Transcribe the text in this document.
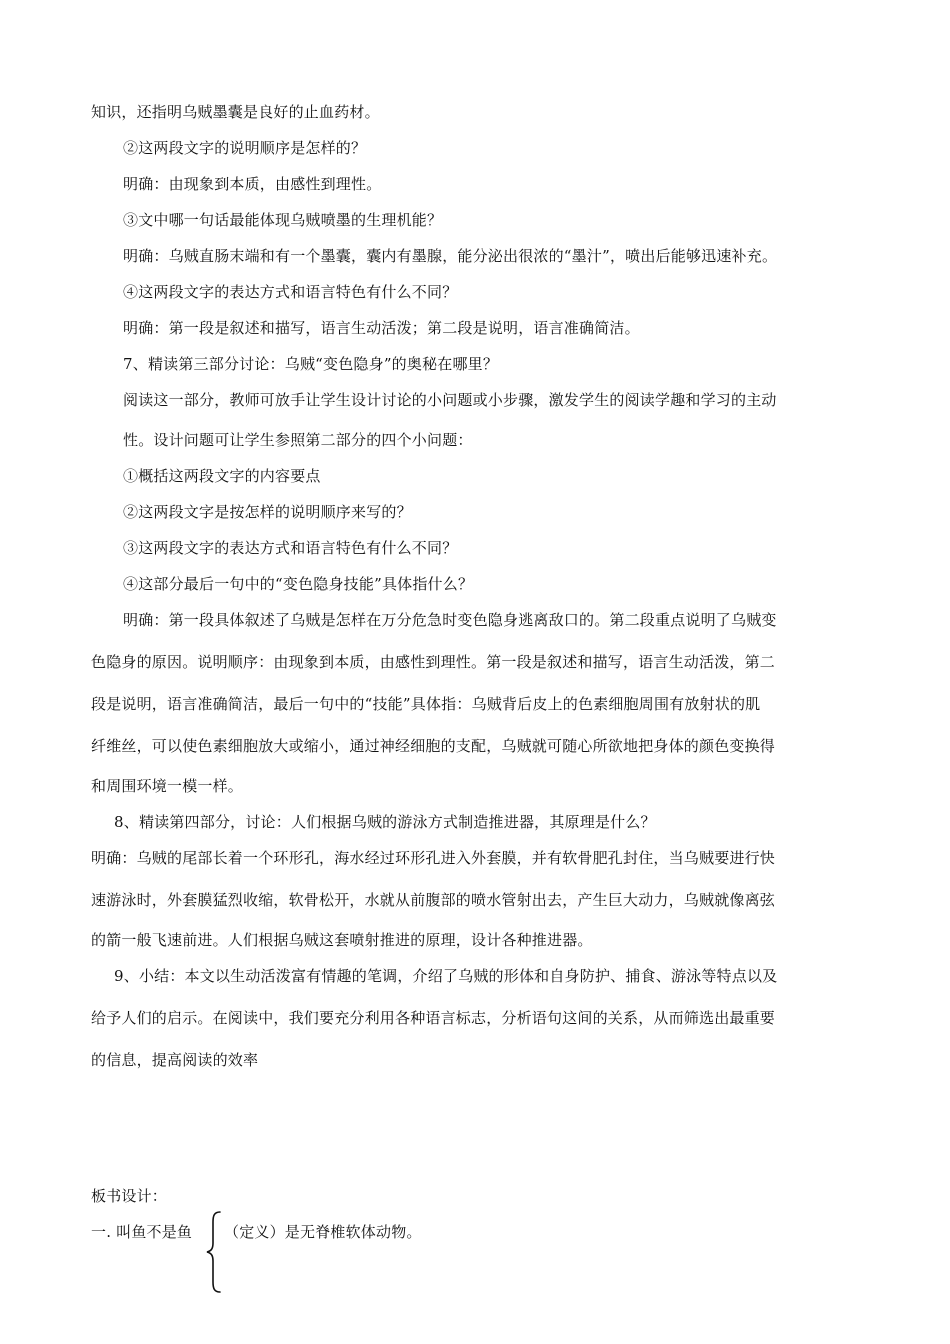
知识，还指明乌贼墨囊是良好的止血药材。
②这两段文字的说明顺序是怎样的？
明确：由现象到本质，由感性到理性。
③文中哪一句话最能体现乌贼喷墨的生理机能？
明确：乌贼直肠末端和有一个墨囊，囊内有墨腺，能分泌出很浓的“墨汁”，喷出后能够迅速补充。
④这两段文字的表达方式和语言特色有什么不同？
明确：第一段是叙述和描写，语言生动活泼；第二段是说明，语言准确简洁。
7、精读第三部分讨论：乌贼“变色隐身”的奥秘在哪里？
阅读这一部分，教师可放手让学生设计讨论的小问题或小步骤，激发学生的阅读学趣和学习的主动
性。设计问题可让学生参照第二部分的四个小问题：
①概括这两段文字的内容要点
②这两段文字是按怎样的说明顺序来写的？
③这两段文字的表达方式和语言特色有什么不同？
④这部分最后一句中的“变色隐身技能”具体指什么？
明确：第一段具体叙述了乌贼是怎样在万分危急时变色隐身逃离敌口的。第二段重点说明了乌贼变
色隐身的原因。说明顺序：由现象到本质，由感性到理性。第一段是叙述和描写，语言生动活泼，第二
段是说明，语言准确简洁，最后一句中的“技能”具体指：乌贼背后皮上的色素细胞周围有放射状的肌
纤维丝，可以使色素细胞放大或缩小，通过神经细胞的支配，乌贼就可随心所欲地把身体的颜色变换得
和周围环境一模一样。
8、精读第四部分，讨论：人们根据乌贼的游泳方式制造推进器，其原理是什么？
明确：乌贼的尾部长着一个环形孔，海水经过环形孔进入外套膜，并有软骨肥孔封住，当乌贼要进行快
速游泳时，外套膜猛烈收缩，软骨松开，水就从前腹部的喷水管射出去，产生巨大动力，乌贼就像离弦
的箭一般飞速前进。人们根据乌贼这套喷射推进的原理，设计各种推进器。
9、小结：本文以生动活泼富有情趣的笔调，介绍了乌贼的形体和自身防护、捕食、游泳等特点以及
给予人们的启示。在阅读中，我们要充分利用各种语言标志，分析语句这间的关系，从而筛选出最重要
的信息，提高阅读的效率
板书设计：
一. 叫鱼不是鱼 （定义）是无脊椎软体动物。
